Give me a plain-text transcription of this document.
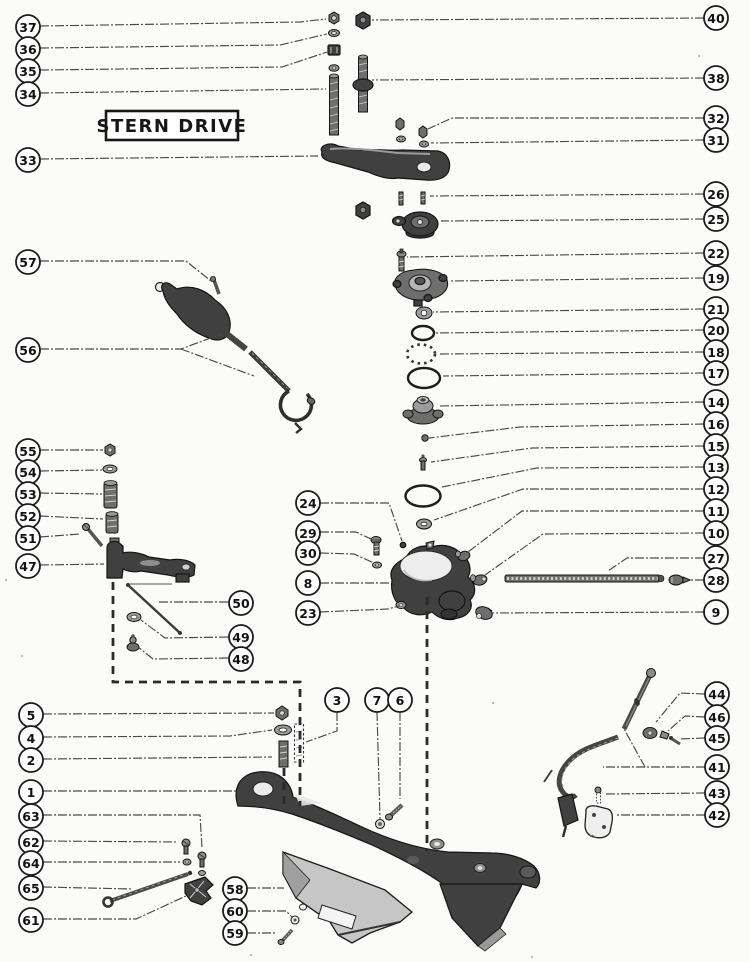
37
36
35
34
33
57
56
55
54
53
52
51
47
5
4
2
1
63
62
64
65
61
50
49
48
24
29
30
8
23
3	7 6
58
60
59
40
38
32
31
26
25
22
19
21
20
18
17
14
16
15
13
12
11
10
27
28
9
44
46
45
41
43
42
STERN DRIVE
